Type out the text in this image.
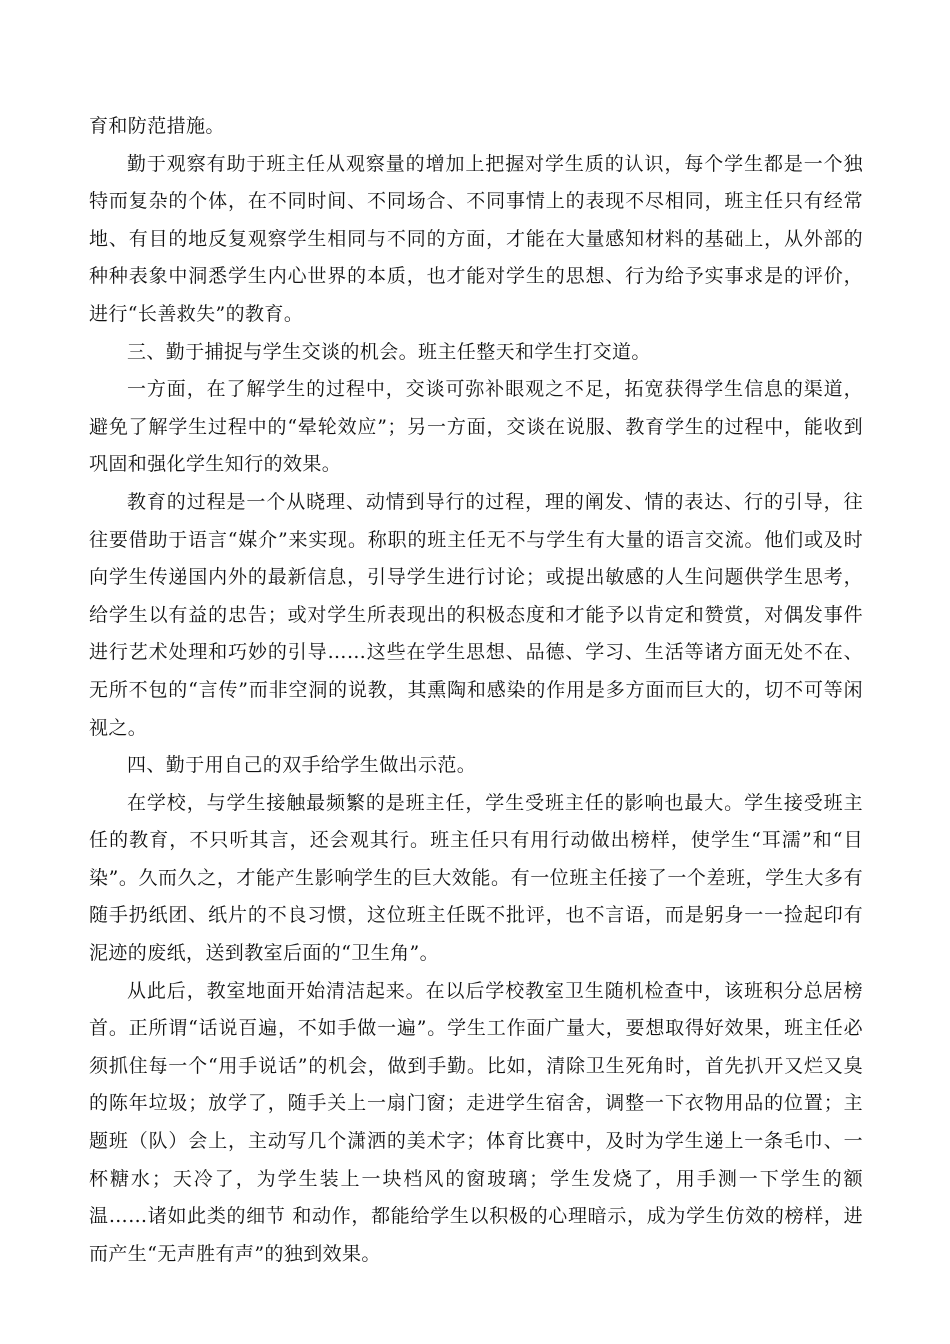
育和防范措施。

勤于观察有助于班主任从观察量的增加上把握对学生质的认识，每个学生都是一个独特而复杂的个体，在不同时间、不同场合、不同事情上的表现不尽相同，班主任只有经常地、有目的地反复观察学生相同与不同的方面，才能在大量感知材料的基础上，从外部的种种表象中洞悉学生内心世界的本质，也才能对学生的思想、行为给予实事求是的评价，进行“长善救失”的教育。

三、勤于捕捉与学生交谈的机会。班主任整天和学生打交道。

一方面，在了解学生的过程中，交谈可弥补眼观之不足，拓宽获得学生信息的渠道，避免了解学生过程中的“晕轮效应”；另一方面，交谈在说服、教育学生的过程中，能收到巩固和强化学生知行的效果。

教育的过程是一个从晓理、动情到导行的过程，理的阐发、情的表达、行的引导，往往要借助于语言“媒介”来实现。称职的班主任无不与学生有大量的语言交流。他们或及时向学生传递国内外的最新信息，引导学生进行讨论；或提出敏感的人生问题供学生思考，给学生以有益的忠告；或对学生所表现出的积极态度和才能予以肯定和赞赏，对偶发事件进行艺术处理和巧妙的引导……这些在学生思想、品德、学习、生活等诸方面无处不在、无所不包的“言传”而非空洞的说教，其熏陶和感染的作用是多方面而巨大的，切不可等闲视之。

四、勤于用自己的双手给学生做出示范。

在学校，与学生接触最频繁的是班主任，学生受班主任的影响也最大。学生接受班主任的教育，不只听其言，还会观其行。班主任只有用行动做出榜样，使学生“耳濡”和“目染”。久而久之，才能产生影响学生的巨大效能。有一位班主任接了一个差班，学生大多有随手扔纸团、纸片的不良习惯，这位班主任既不批评，也不言语，而是躬身一一捡起印有泥迹的废纸，送到教室后面的“卫生角”。

从此后，教室地面开始清洁起来。在以后学校教室卫生随机检查中，该班积分总居榜首。正所谓“话说百遍，不如手做一遍”。学生工作面广量大，要想取得好效果，班主任必须抓住每一个“用手说话”的机会，做到手勤。比如，清除卫生死角时，首先扒开又烂又臭的陈年垃圾；放学了，随手关上一扇门窗；走进学生宿舍，调整一下衣物用品的位置；主题班（队）会上，主动写几个潇洒的美术字；体育比赛中，及时为学生递上一条毛巾、一杯糖水；天冷了，为学生装上一块档风的窗玻璃；学生发烧了，用手测一下学生的额温……诸如此类的细节 和动作，都能给学生以积极的心理暗示，成为学生仿效的榜样，进而产生“无声胜有声”的独到效果。
